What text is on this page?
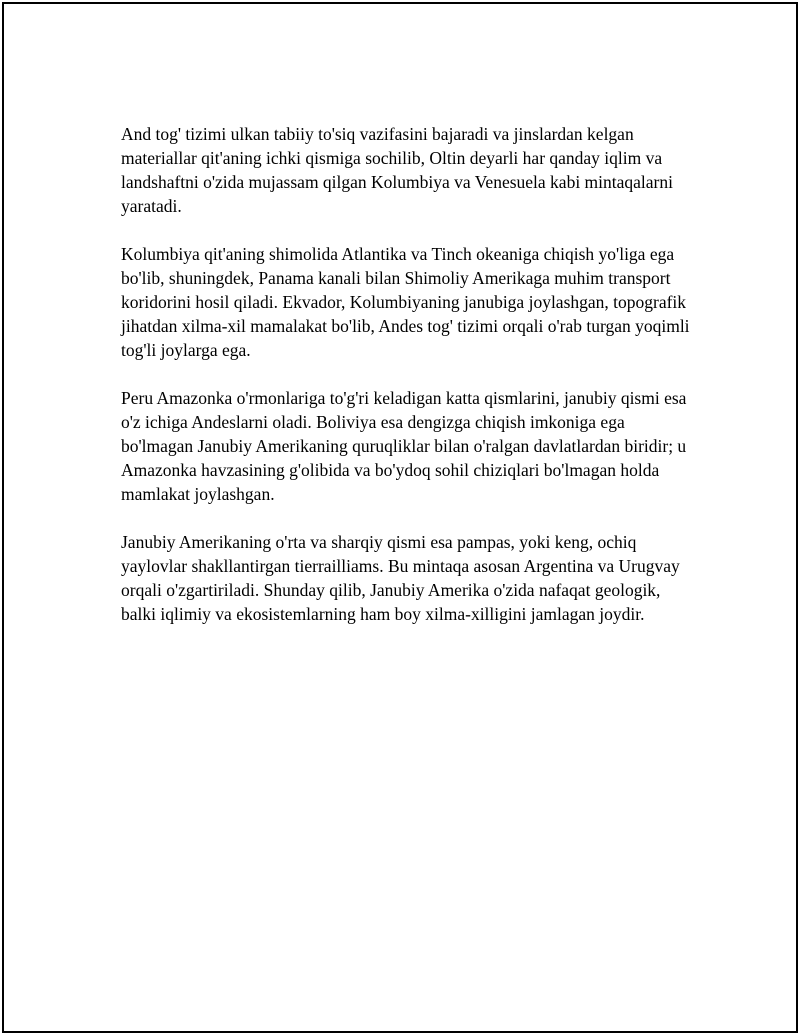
And tog' tizimi ulkan tabiiy to'siq vazifasini bajaradi va jinslardan kelgan materiallar qit'aning ichki qismiga sochilib, Oltin deyarli har qanday iqlim va landshaftni o'zida mujassam qilgan Kolumbiya va Venesuela kabi mintaqalarni yaratadi.

Kolumbiya qit'aning shimolida Atlantika va Tinch okeaniga chiqish yo'liga ega bo'lib, shuningdek, Panama kanali bilan Shimoliy Amerikaga muhim transport koridorini hosil qiladi. Ekvador, Kolumbiyaning janubiga joylashgan, topografik jihatdan xilma-xil mamalakat bo'lib, Andes tog' tizimi orqali o'rab turgan yoqimli tog'li joylarga ega.

Peru Amazonka o'rmonlariga to'g'ri keladigan katta qismlarini, janubiy qismi esa o'z ichiga Andeslarni oladi. Boliviya esa dengizga chiqish imkoniga ega bo'lmagan Janubiy Amerikaning quruqliklar bilan o'ralgan davlatlardan biridir; u Amazonka havzasining g'olibida va bo'ydoq sohil chiziqlari bo'lmagan holda mamlakat joylashgan.

Janubiy Amerikaning o'rta va sharqiy qismi esa pampas, yoki keng, ochiq yaylovlar shakllantirgan tierrailliams. Bu mintaqa asosan Argentina va Urugvay orqali o'zgartiriladi. Shunday qilib, Janubiy Amerika o'zida nafaqat geologik, balki iqlimiy va ekosistemlarning ham boy xilma-xilligini jamlagan joydir.
